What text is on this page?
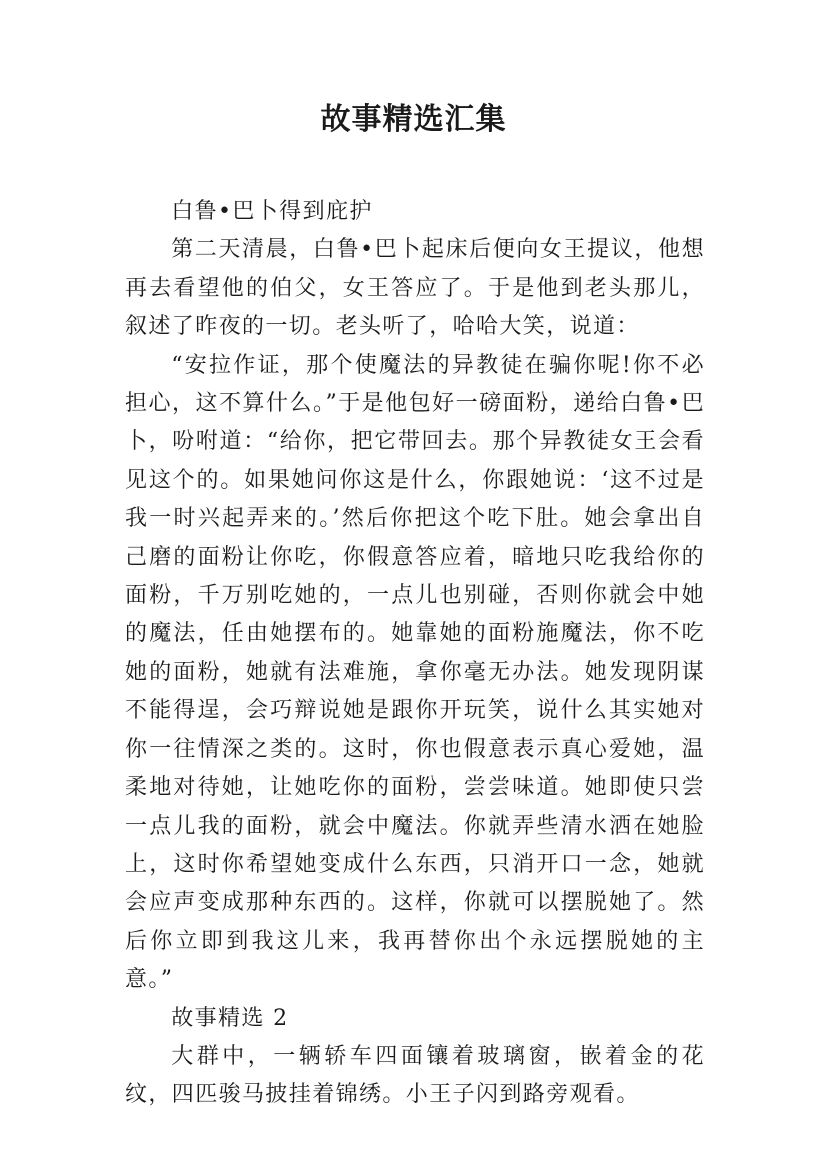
故事精选汇集

白鲁•巴卜得到庇护

第二天清晨，白鲁•巴卜起床后便向女王提议，他想再去看望他的伯父，女王答应了。于是他到老头那儿，叙述了昨夜的一切。老头听了，哈哈大笑，说道：

“安拉作证，那个使魔法的异教徒在骗你呢!你不必担心，这不算什么。”于是他包好一磅面粉，递给白鲁•巴卜，吩咐道：“给你，把它带回去。那个异教徒女王会看见这个的。如果她问你这是什么，你跟她说：‘这不过是我一时兴起弄来的。’然后你把这个吃下肚。她会拿出自己磨的面粉让你吃，你假意答应着，暗地只吃我给你的面粉，千万别吃她的，一点儿也别碰，否则你就会中她的魔法，任由她摆布的。她靠她的面粉施魔法，你不吃她的面粉，她就有法难施，拿你毫无办法。她发现阴谋不能得逞，会巧辩说她是跟你开玩笑，说什么其实她对你一往情深之类的。这时，你也假意表示真心爱她，温柔地对待她，让她吃你的面粉，尝尝味道。她即使只尝一点儿我的面粉，就会中魔法。你就弄些清水洒在她脸上，这时你希望她变成什么东西，只消开口一念，她就会应声变成那种东西的。这样，你就可以摆脱她了。然后你立即到我这儿来，我再替你出个永远摆脱她的主意。”

故事精选 2

大群中，一辆轿车四面镶着玻璃窗，嵌着金的花纹，四匹骏马披挂着锦绣。小王子闪到路旁观看。
